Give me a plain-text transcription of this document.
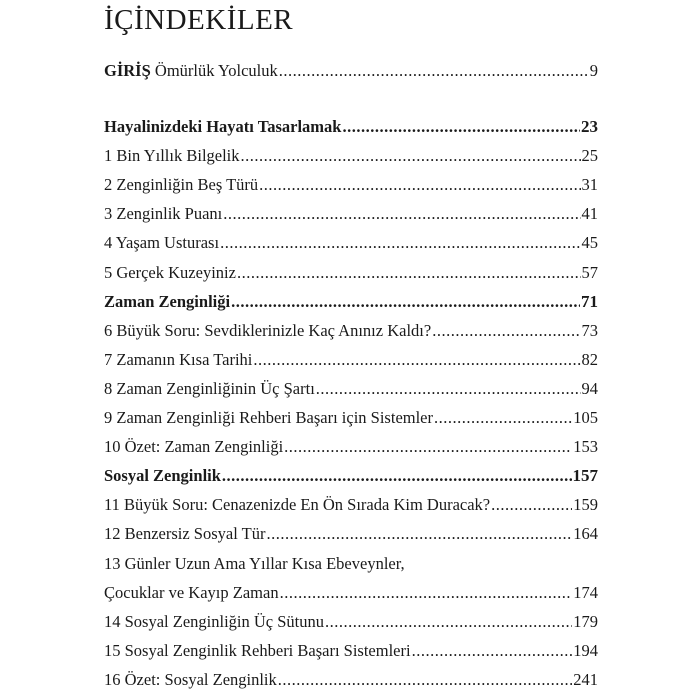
İÇİNDEKİLER
GİRİŞ Ömürlük Yolculuk .....	9
Hayalinizdeki Hayatı Tasarlamak .....	23
1 Bin Yıllık Bilgelik .....	25
2 Zenginliğin Beş Türü .....	31
3 Zenginlik Puanı .....	41
4 Yaşam Usturası .....	45
5 Gerçek Kuzeyiniz .....	57
Zaman Zenginliği .....	71
6 Büyük Soru: Sevdiklerinizle Kaç Anınız Kaldı? .....	73
7 Zamanın Kısa Tarihi .....	82
8 Zaman Zenginliğinin Üç Şartı .....	94
9 Zaman Zenginliği Rehberi Başarı için Sistemler .....	105
10 Özet: Zaman Zenginliği .....	153
Sosyal Zenginlik .....	157
11 Büyük Soru: Cenazenizde En Ön Sırada Kim Duracak? .....	159
12 Benzersiz Sosyal Tür .....	164
13 Günler Uzun Ama Yıllar Kısa Ebeveynler,
Çocuklar ve Kayıp Zaman .....	174
14 Sosyal Zenginliğin Üç Sütunu .....	179
15 Sosyal Zenginlik Rehberi Başarı Sistemleri .....	194
16 Özet: Sosyal Zenginlik .....	241
